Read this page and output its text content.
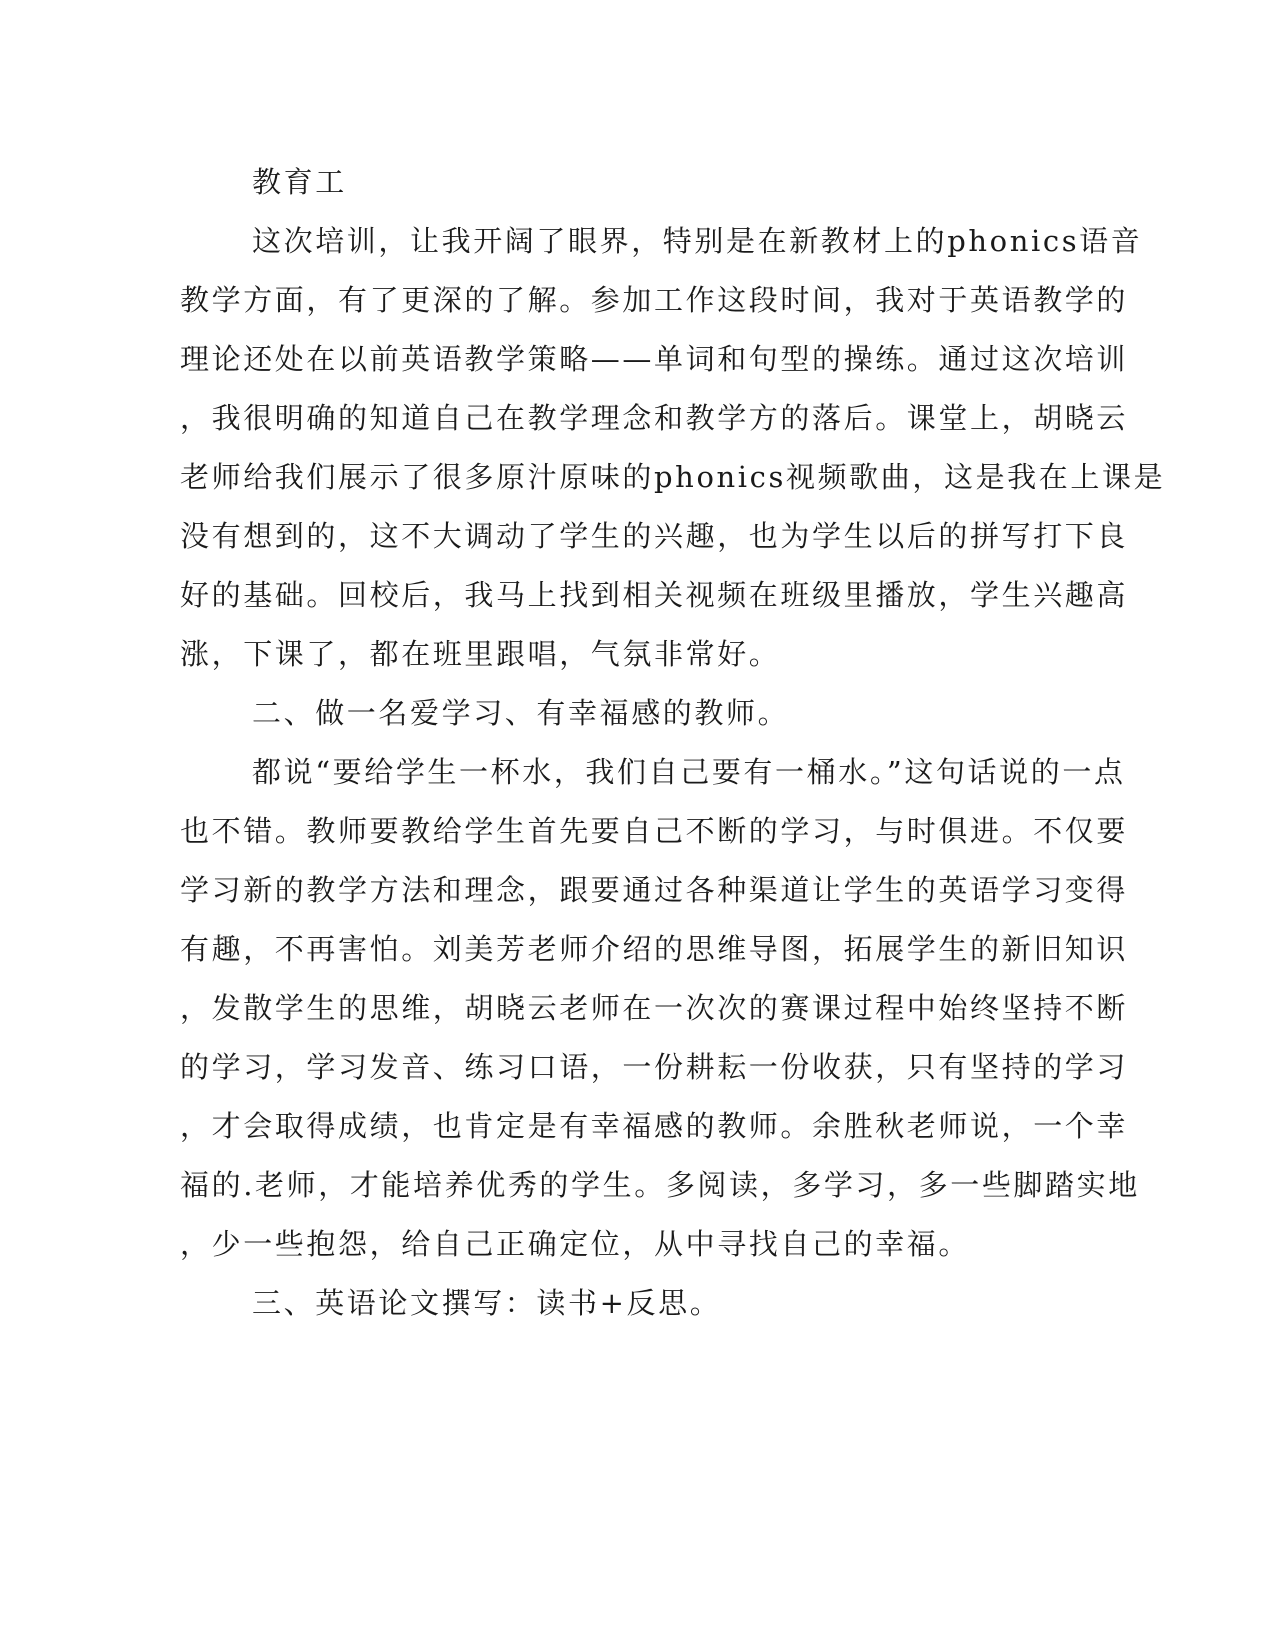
教育工
这次培训，让我开阔了眼界，特别是在新教材上的phonics语音
教学方面，有了更深的了解。参加工作这段时间，我对于英语教学的
理论还处在以前英语教学策略——单词和句型的操练。通过这次培训
，我很明确的知道自己在教学理念和教学方的落后。课堂上，胡晓云
老师给我们展示了很多原汁原味的phonics视频歌曲，这是我在上课是
没有想到的，这不大调动了学生的兴趣，也为学生以后的拼写打下良
好的基础。回校后，我马上找到相关视频在班级里播放，学生兴趣高
涨，下课了，都在班里跟唱，气氛非常好。
二、做一名爱学习、有幸福感的教师。
都说“要给学生一杯水，我们自己要有一桶水。”这句话说的一点
也不错。教师要教给学生首先要自己不断的学习，与时俱进。不仅要
学习新的教学方法和理念，跟要通过各种渠道让学生的英语学习变得
有趣，不再害怕。刘美芳老师介绍的思维导图，拓展学生的新旧知识
，发散学生的思维，胡晓云老师在一次次的赛课过程中始终坚持不断
的学习，学习发音、练习口语，一份耕耘一份收获，只有坚持的学习
，才会取得成绩，也肯定是有幸福感的教师。余胜秋老师说，一个幸
福的.老师，才能培养优秀的学生。多阅读，多学习，多一些脚踏实地
，少一些抱怨，给自己正确定位，从中寻找自己的幸福。
三、英语论文撰写：读书+反思。
